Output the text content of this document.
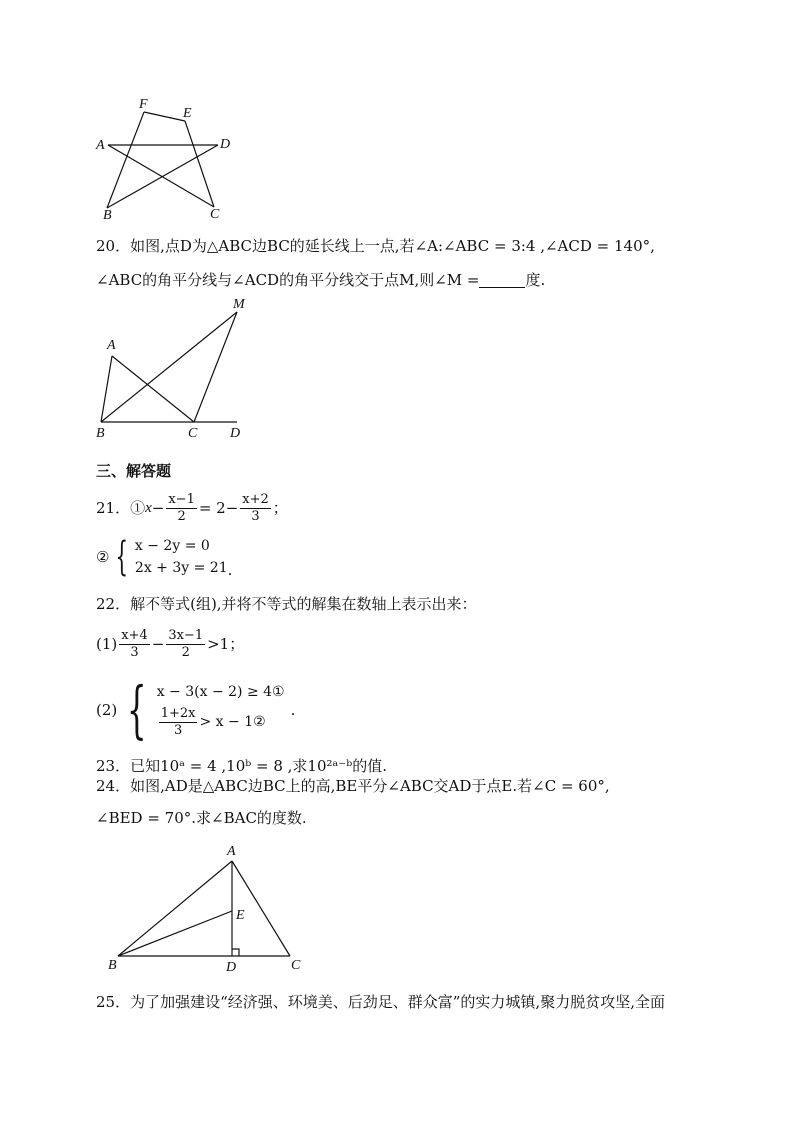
F
E
A	D
B	C
20．如图,点D为△ABC边BC的延长线上一点,若∠A:∠ABC = 3:4 ,∠ACD = 140°,
∠ABC的角平分线与∠ACD的角平分线交于点M,则∠M =	度.
M
A
B	C D
三、解答题
21．① $x - \frac{x-1}{2} = 2- \frac{x+2}{3}$ ；
② { x − 2y = 0
2x + 3y = 21 .
22．解不等式(组),并将不等式的解集在数轴上表示出来：
$(1) \frac{x+4}{3} - \frac{3x-1}{2} >1$；
(2) { x − 3(x − 2) ≥ 4①
$\frac{1+2x}{3} > x$ − 1②
.
23．已知10ᵃ = 4 ,10ᵇ = 8 ,求10²ᵃ⁻ᵇ的值.
24．如图,AD是△ABC边BC上的高,BE平分∠ABC交AD于点E.若∠C = 60°,
∠BED = 70°.求∠BAC的度数.
A
E
B	D	C
25．为了加强建设“经济强、环境美、后劲足、群众富”的实力城镇,聚力脱贫攻坚,全面
